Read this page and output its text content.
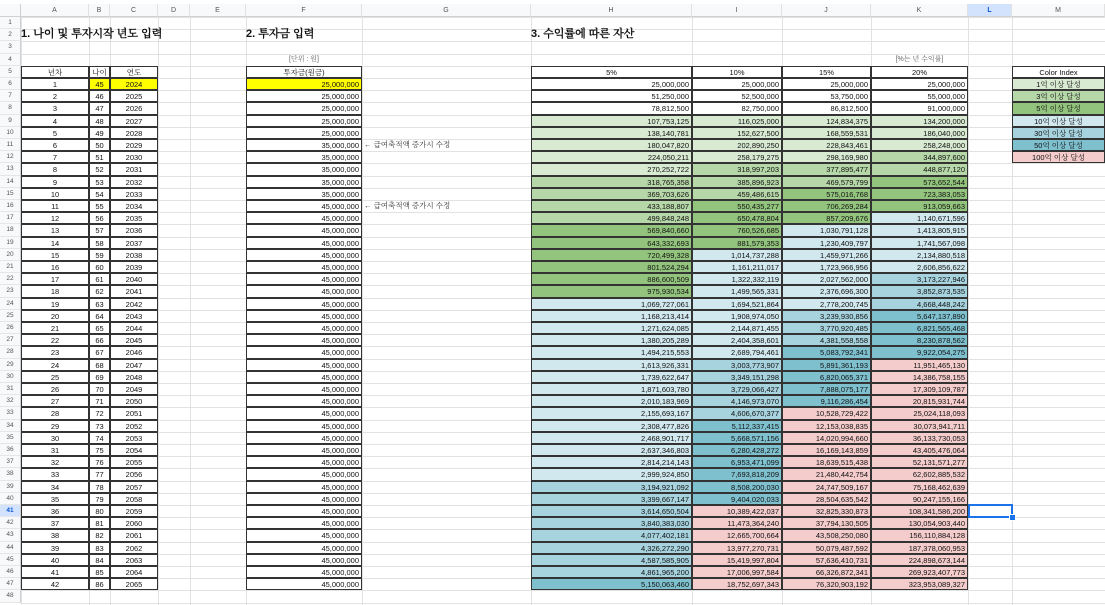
A	B	C	D	E	F	G	H	I	J	K	L	M
1
2
3
4
5
6
7
8
9
10
11
12
13
14
15
16
17
18
19
20
21
22
23
24
25
26
27
28
29
30
31
32
33
34
35
36
37
38
39
40
41
42
43
44
45
46
47
48
1. 나이 및 투자시작 년도 입력	2. 투자금 입력	3. 수익률에 따른 자산
[단위 : 원]	[%는 년 수익률]
년차	나이	연도	투자금(원금)	5%	10%	15%	20%
1	45	2024	25,000,000	25,000,000	25,000,000	25,000,000	25,000,000
2	46	2025	25,000,000	51,250,000	52,500,000	53,750,000	55,000,000
3	47	2026	25,000,000	78,812,500	82,750,000	86,812,500	91,000,000
4	48	2027	25,000,000	107,753,125	116,025,000	124,834,375	134,200,000
5	49	2028	25,000,000	138,140,781	152,627,500	168,559,531	186,040,000
6	50	2029	35,000,000	180,047,820	202,890,250	228,843,461	258,248,000
7	51	2030	35,000,000	224,050,211	258,179,275	298,169,980	344,897,600
8	52	2031	35,000,000	270,252,722	318,997,203	377,895,477	448,877,120
9	53	2032	35,000,000	318,765,358	385,896,923	469,579,799	573,652,544
10	54	2033	35,000,000	369,703,626	459,486,615	575,016,768	723,383,053
11	55	2034	45,000,000	433,188,807	550,435,277	706,269,284	913,059,663
12	56	2035	45,000,000	499,848,248	650,478,804	857,209,676	1,140,671,596
13	57	2036	45,000,000	569,840,660	760,526,685	1,030,791,128	1,413,805,915
14	58	2037	45,000,000	643,332,693	881,579,353	1,230,409,797	1,741,567,098
15	59	2038	45,000,000	720,499,328	1,014,737,288	1,459,971,266	2,134,880,518
16	60	2039	45,000,000	801,524,294	1,161,211,017	1,723,966,956	2,606,856,622
17	61	2040	45,000,000	886,600,509	1,322,332,119	2,027,562,000	3,173,227,946
18	62	2041	45,000,000	975,930,534	1,499,565,331	2,376,696,300	3,852,873,535
19	63	2042	45,000,000	1,069,727,061	1,694,521,864	2,778,200,745	4,668,448,242
20	64	2043	45,000,000	1,168,213,414	1,908,974,050	3,239,930,856	5,647,137,890
21	65	2044	45,000,000	1,271,624,085	2,144,871,455	3,770,920,485	6,821,565,468
22	66	2045	45,000,000	1,380,205,289	2,404,358,601	4,381,558,558	8,230,878,562
23	67	2046	45,000,000	1,494,215,553	2,689,794,461	5,083,792,341	9,922,054,275
24	68	2047	45,000,000	1,613,926,331	3,003,773,907	5,891,361,193	11,951,465,130
25	69	2048	45,000,000	1,739,622,647	3,349,151,298	6,820,065,371	14,386,758,155
26	70	2049	45,000,000	1,871,603,780	3,729,066,427	7,888,075,177	17,309,109,787
27	71	2050	45,000,000	2,010,183,969	4,146,973,070	9,116,286,454	20,815,931,744
28	72	2051	45,000,000	2,155,693,167	4,606,670,377	10,528,729,422	25,024,118,093
29	73	2052	45,000,000	2,308,477,826	5,112,337,415	12,153,038,835	30,073,941,711
30	74	2053	45,000,000	2,468,901,717	5,668,571,156	14,020,994,660	36,133,730,053
31	75	2054	45,000,000	2,637,346,803	6,280,428,272	16,169,143,859	43,405,476,064
32	76	2055	45,000,000	2,814,214,143	6,953,471,099	18,639,515,438	52,131,571,277
33	77	2056	45,000,000	2,999,924,850	7,693,818,209	21,480,442,754	62,602,885,532
34	78	2057	45,000,000	3,194,921,092	8,508,200,030	24,747,509,167	75,168,462,639
35	79	2058	45,000,000	3,399,667,147	9,404,020,033	28,504,635,542	90,247,155,166
36	80	2059	45,000,000	3,614,650,504	10,389,422,037	32,825,330,873	108,341,586,200
37	81	2060	45,000,000	3,840,383,030	11,473,364,240	37,794,130,505	130,054,903,440
38	82	2061	45,000,000	4,077,402,181	12,665,700,664	43,508,250,080	156,110,884,128
39	83	2062	45,000,000	4,326,272,290	13,977,270,731	50,079,487,592	187,378,060,953
40	84	2063	45,000,000	4,587,585,905	15,419,997,804	57,636,410,731	224,898,673,144
41	85	2064	45,000,000	4,861,965,200	17,006,997,584	66,326,872,341	269,923,407,773
42	86	2065	45,000,000	5,150,063,460	18,752,697,343	76,320,903,192	323,953,089,327
← 급여축적액 증가시 수정
← 급여축적액 증가시 수정
Color Index
1억 이상 달성
3억 이상 달성
5억 이상 달성
10억 이상 달성
30억 이상 달성
50억 이상 달성
100억 이상 달성
